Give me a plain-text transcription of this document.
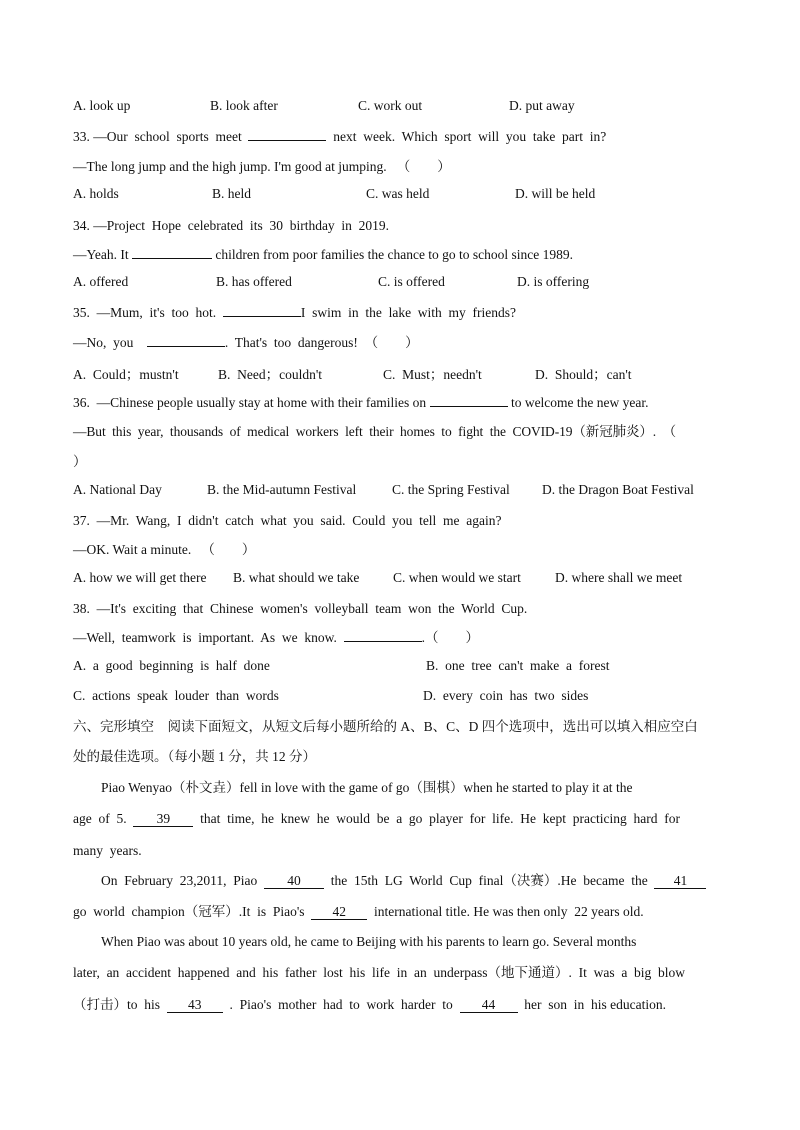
A. look up	B. look after	C. work out	D. put away
33. —Our  school  sports  meet	next  week.  Which  sport  will  you  take  part  in?
—The long jump and the high jump. I'm good at jumping.   （        ）
A. holds	B. held	C. was held	D. will be held
34. —Project  Hope  celebrated  its  30  birthday  in  2019.
—Yeah. It	children from poor families the chance to go to school since 1989.
A. offered	B. has offered	C. is offered	D. is offering
35.  —Mum,  it's  too  hot.	I  swim  in  the  lake  with  my  friends?
—No,  you	.  That's  too  dangerous!  （        ）
A.  Could；mustn't	B.  Need；couldn't	C.  Must；needn't	D.  Should；can't
36.  —Chinese people usually stay at home with their families on	to welcome the new year.
—But  this  year,  thousands  of  medical  workers  left  their  homes  to  fight  the  COVID-19（新冠肺炎）.  （
）
A. National Day	B. the Mid-autumn Festival	C. the Spring Festival D. the Dragon Boat Festival
37.  —Mr.  Wang,  I  didn't  catch  what  you  said.  Could  you  tell  me  again?
—OK. Wait a minute.   （        ）
A. how we will get there B. what should we take C. when would we start	D. where shall we meet
38.  —It's  exciting  that  Chinese  women's  volleyball  team  won  the  World  Cup.
—Well,  teamwork  is  important.  As  we  know.	.（        ）
A.  a  good  beginning  is  half  done	B.  one  tree  can't  make  a  forest
C.  actions  speak  louder  than  words	D.  every  coin  has  two  sides
六、完形填空    阅读下面短文，从短文后每小题所给的 A、B、C、D 四个选项中，选出可以填入相应空白
处的最佳选项。（每小题 1 分，共 12 分）
Piao Wenyao（朴文垚）fell in love with the game of go（围棋）when he started to play it at the
age  of  5.  39  that  time,  he  knew  he  would  be  a  go  player  for  life.  He  kept  practicing  hard  for
many  years.
On  February  23,2011,  Piao  40  the  15th  LG  World  Cup  final（决赛）.He  became  the  41
go  world  champion（冠军）.It  is  Piao's  42  international title. He was then only  22 years old.
When Piao was about 10 years old, he came to Beijing with his parents to learn go. Several months
later,  an  accident  happened  and  his  father  lost  his  life  in  an  underpass（地下通道）.  It  was  a  big  blow
（打击）to  his  43  .  Piao's  mother  had  to  work  harder  to  44  her  son  in  his education.
